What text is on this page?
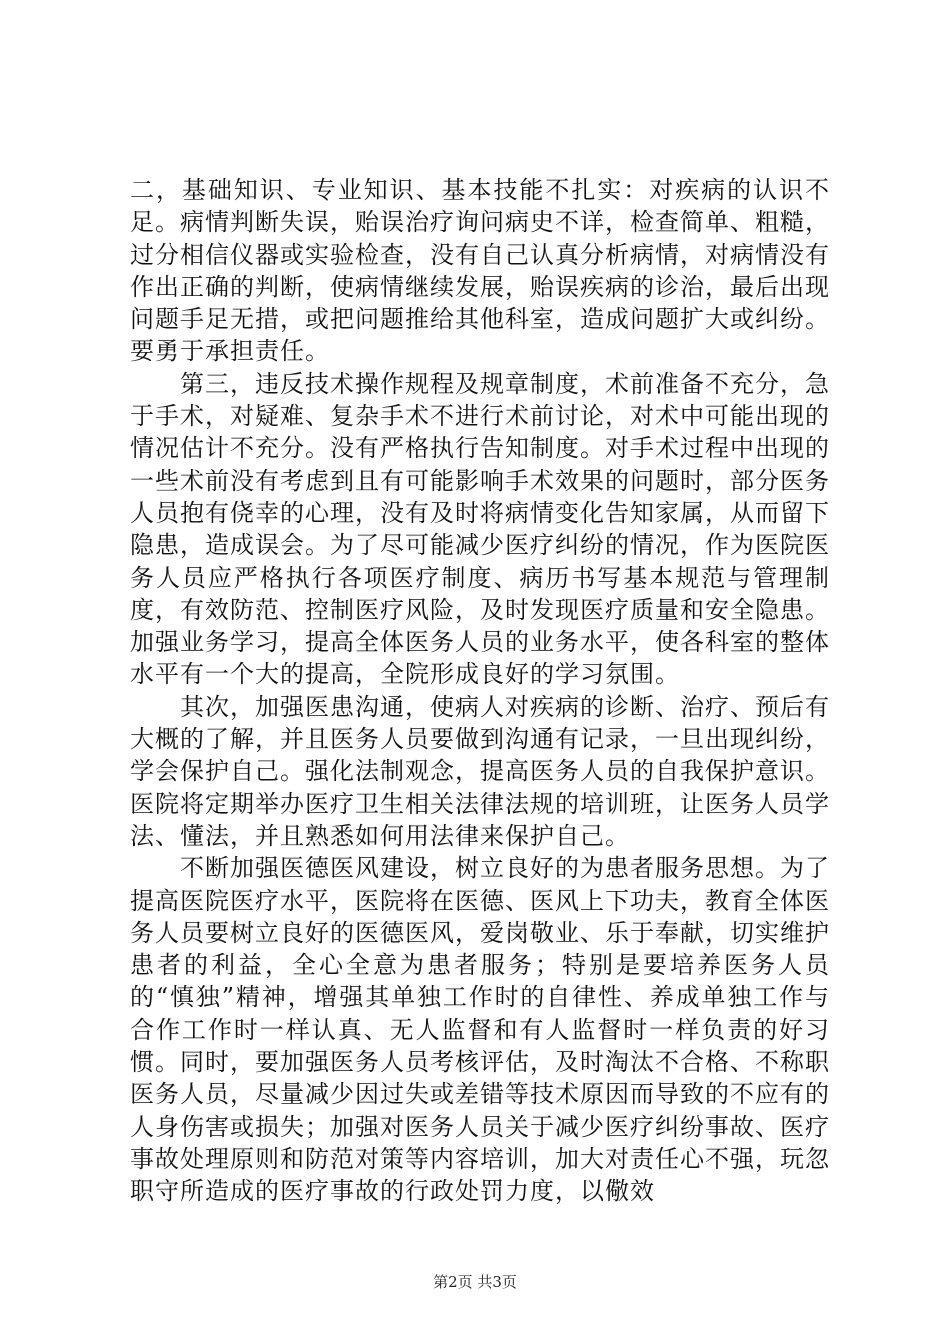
二，基础知识、专业知识、基本技能不扎实：对疾病的认识不足。病情判断失误，贻误治疗询问病史不详，检查简单、粗糙，过分相信仪器或实验检查，没有自己认真分析病情，对病情没有作出正确的判断，使病情继续发展，贻误疾病的诊治，最后出现问题手足无措，或把问题推给其他科室，造成问题扩大或纠纷。要勇于承担责任。

　　第三，违反技术操作规程及规章制度，术前准备不充分，急于手术，对疑难、复杂手术不进行术前讨论，对术中可能出现的情况估计不充分。没有严格执行告知制度。对手术过程中出现的一些术前没有考虑到且有可能影响手术效果的问题时，部分医务人员抱有侥幸的心理，没有及时将病情变化告知家属，从而留下隐患，造成误会。为了尽可能减少医疗纠纷的情况，作为医院医务人员应严格执行各项医疗制度、病历书写基本规范与管理制度，有效防范、控制医疗风险，及时发现医疗质量和安全隐患。加强业务学习，提高全体医务人员的业务水平，使各科室的整体水平有一个大的提高，全院形成良好的学习氛围。

　　其次，加强医患沟通，使病人对疾病的诊断、治疗、预后有大概的了解，并且医务人员要做到沟通有记录，一旦出现纠纷，学会保护自己。强化法制观念，提高医务人员的自我保护意识。医院将定期举办医疗卫生相关法律法规的培训班，让医务人员学法、懂法，并且熟悉如何用法律来保护自己。

　　不断加强医德医风建设，树立良好的为患者服务思想。为了提高医院医疗水平，医院将在医德、医风上下功夫，教育全体医务人员要树立良好的医德医风，爱岗敬业、乐于奉献，切实维护患者的利益，全心全意为患者服务；特别是要培养医务人员的“慎独”精神，增强其单独工作时的自律性、养成单独工作与合作工作时一样认真、无人监督和有人监督时一样负责的好习惯。同时，要加强医务人员考核评估，及时淘汰不合格、不称职医务人员，尽量减少因过失或差错等技术原因而导致的不应有的人身伤害或损失；加强对医务人员关于减少医疗纠纷事故、医疗事故处理原则和防范对策等内容培训，加大对责任心不强，玩忽职守所造成的医疗事故的行政处罚力度，以儆效

第2页 共3页
